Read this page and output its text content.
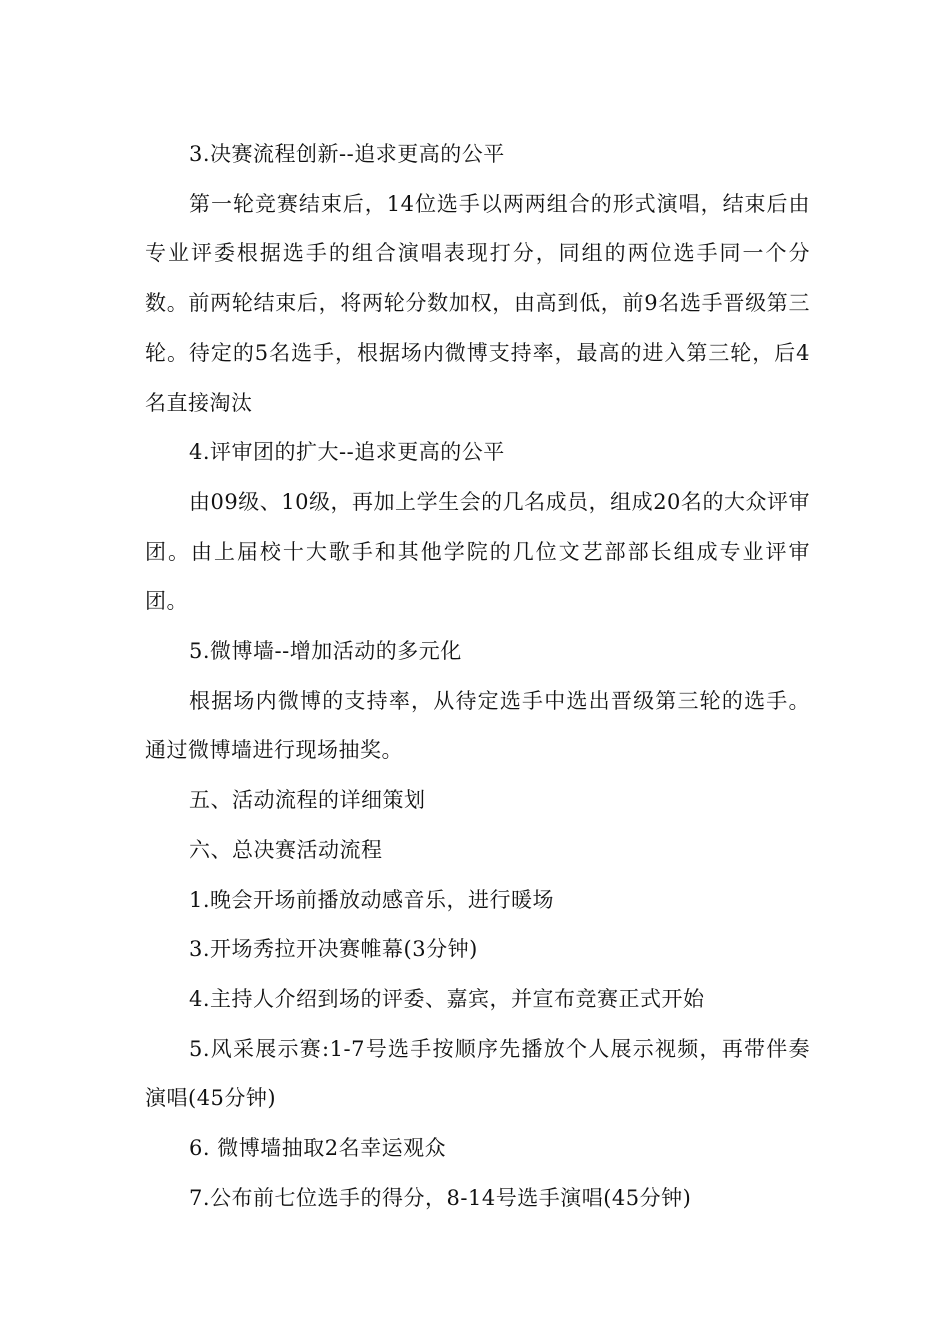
3.决赛流程创新--追求更高的公平

第一轮竞赛结束后，14位选手以两两组合的形式演唱，结束后由专业评委根据选手的组合演唱表现打分，同组的两位选手同一个分数。前两轮结束后，将两轮分数加权，由高到低，前9名选手晋级第三轮。待定的5名选手，根据场内微博支持率，最高的进入第三轮，后4名直接淘汰

4.评审团的扩大--追求更高的公平

由09级、10级，再加上学生会的几名成员，组成20名的大众评审团。由上届校十大歌手和其他学院的几位文艺部部长组成专业评审团。

5.微博墙--增加活动的多元化

根据场内微博的支持率，从待定选手中选出晋级第三轮的选手。通过微博墙进行现场抽奖。

五、活动流程的详细策划

六、总决赛活动流程

1.晚会开场前播放动感音乐，进行暖场

3.开场秀拉开决赛帷幕(3分钟)

4.主持人介绍到场的评委、嘉宾，并宣布竞赛正式开始

5.风采展示赛:1-7号选手按顺序先播放个人展示视频，再带伴奏演唱(45分钟)

6. 微博墙抽取2名幸运观众

7.公布前七位选手的得分，8-14号选手演唱(45分钟)
